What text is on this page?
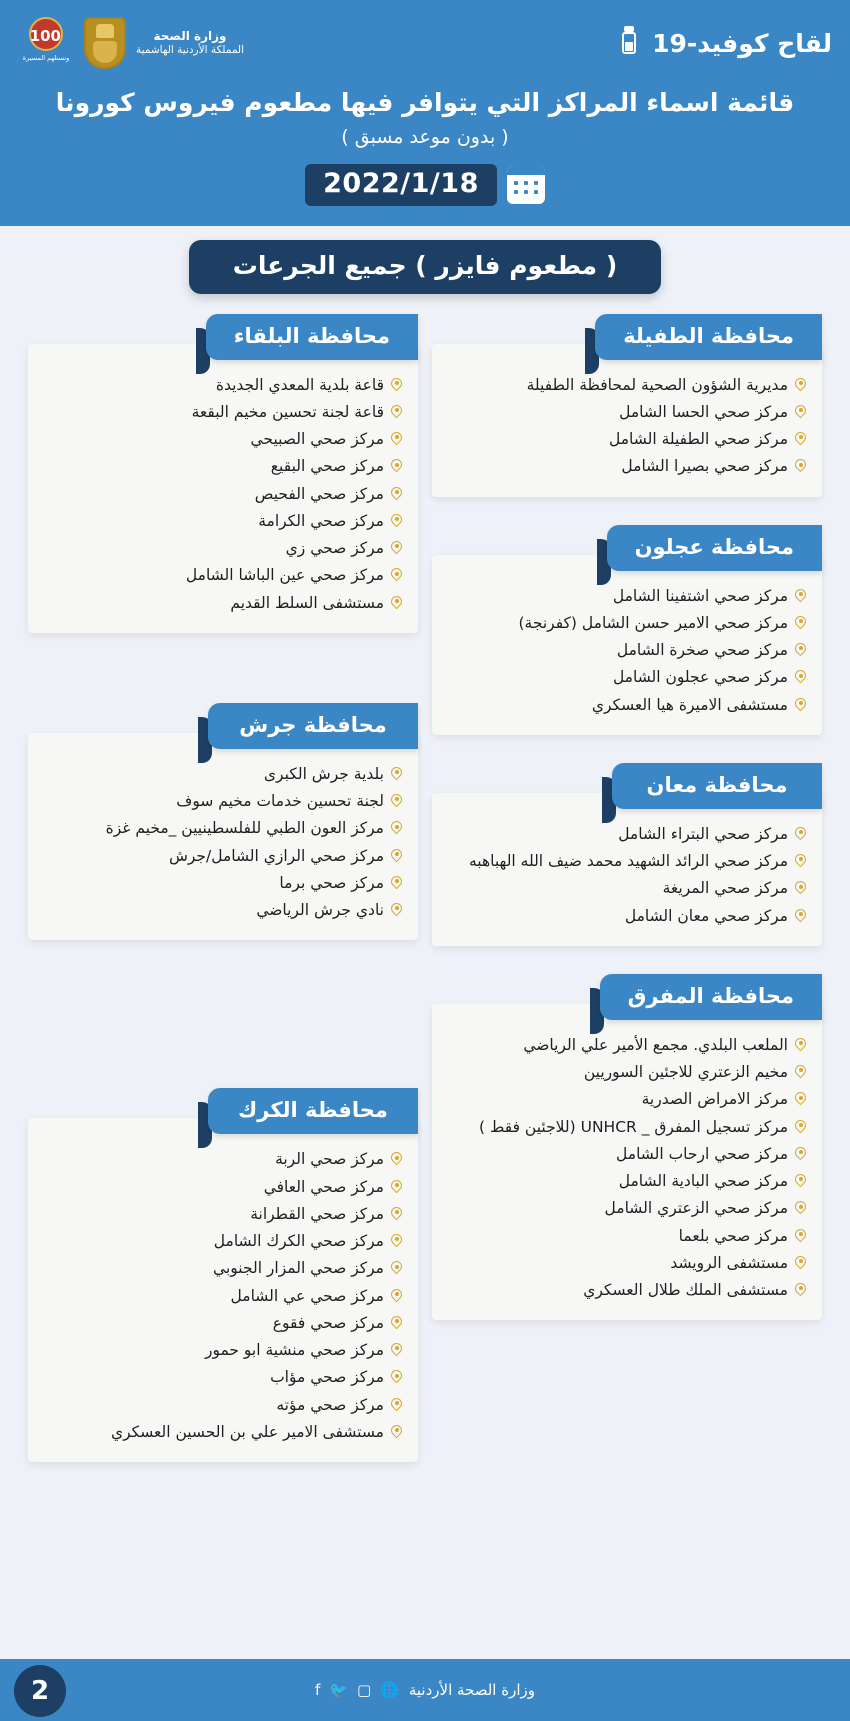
لقاح كوفيد-19
وزارة الصحة
المملكة الأردنية الهاشمية
100
ونستلهم المسيرة
قائمة اسماء المراكز التي يتوافر فيها مطعوم فيروس كورونا
( بدون موعد مسبق )
2022/1/18
( مطعوم فايزر ) جميع الجرعات
محافظة الطفيلة
مديرية الشؤون الصحية لمحافظة الطفيلة
مركز صحي الحسا الشامل
مركز صحي الطفيلة الشامل
مركز صحي بصيرا الشامل
محافظة عجلون
مركز صحي اشتفينا الشامل
مركز صحي الامير حسن الشامل (كفرنجة)
مركز صحي صخرة الشامل
مركز صحي عجلون الشامل
مستشفى الاميرة هيا العسكري
محافظة معان
مركز صحي البتراء الشامل
مركز صحي الرائد الشهيد محمد ضيف الله الهباهبه
مركز صحي المريغة
مركز صحي معان الشامل
محافظة المفرق
الملعب البلدي. مجمع الأمير علي الرياضي
مخيم الزعتري للاجئين السوريين
مركز الامراض الصدرية
مركز تسجيل المفرق _ UNHCR (للاجئين فقط )
مركز صحي ارحاب الشامل
مركز صحي البادية الشامل
مركز صحي الزعتري الشامل
مركز صحي بلعما
مستشفى الرويشد
مستشفى الملك طلال العسكري
محافظة البلقاء
قاعة بلدية المعدي الجديدة
قاعة لجنة تحسين مخيم البقعة
مركز صحي الصبيحي
مركز صحي البقيع
مركز صحي الفحيص
مركز صحي الكرامة
مركز صحي زي
مركز صحي عين الباشا الشامل
مستشفى السلط القديم
محافظة جرش
بلدية جرش الكبرى
لجنة تحسين خدمات مخيم سوف
مركز العون الطبي للفلسطينيين _مخيم غزة
مركز صحي الرازي الشامل/جرش
مركز صحي برما
نادي جرش الرياضي
محافظة الكرك
مركز صحي الربة
مركز صحي العافي
مركز صحي القطرانة
مركز صحي الكرك الشامل
مركز صحي المزار الجنوبي
مركز صحي عي الشامل
مركز صحي فقوع
مركز صحي منشية ابو حمور
مركز صحي مؤاب
مركز صحي مؤته
مستشفى الامير علي بن الحسين العسكري
وزارة الصحة الأردنية
🌐
▢
🐦
f
2
